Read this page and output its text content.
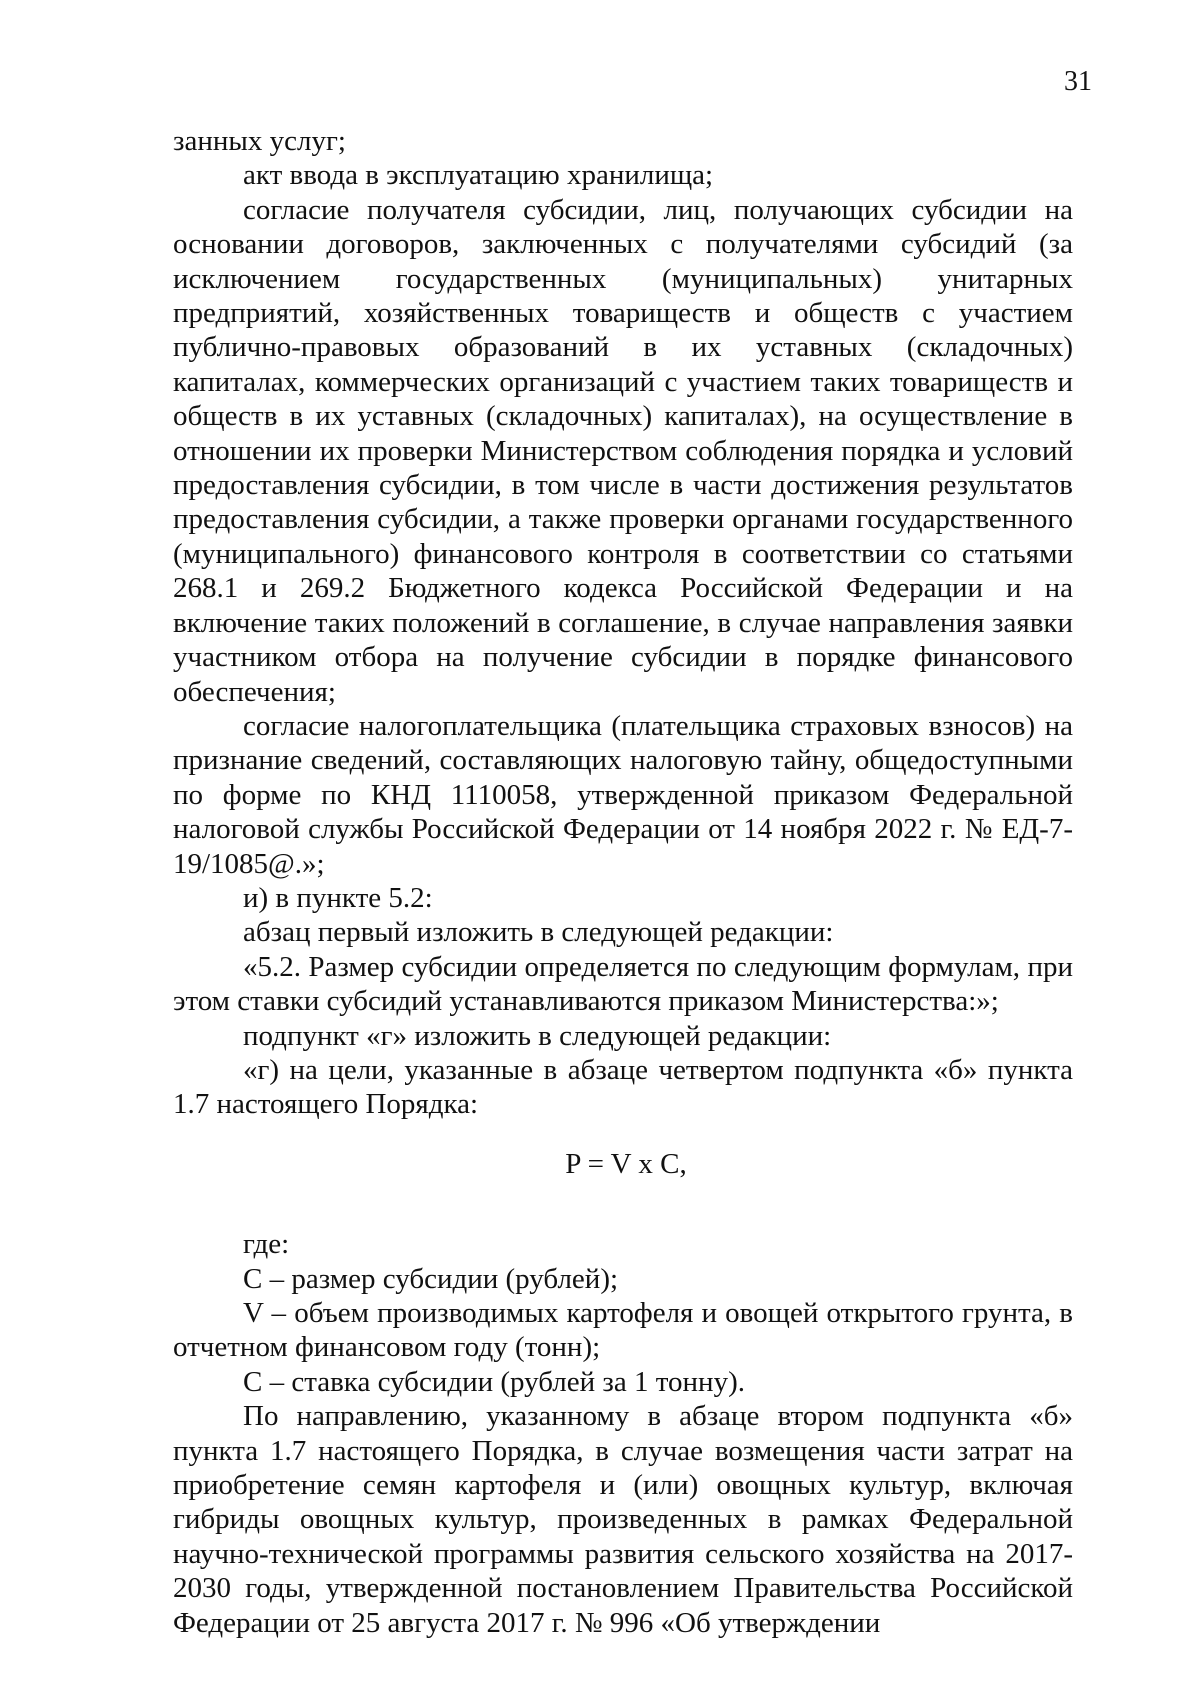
31

занных услуг;

акт ввода в эксплуатацию хранилища;

согласие получателя субсидии, лиц, получающих субсидии на основании договоров, заключенных с получателями субсидий (за исключением государственных (муниципальных) унитарных предприятий, хозяйственных товариществ и обществ с участием публично-правовых образований в их уставных (складочных) капиталах, коммерческих организаций с участием таких товариществ и обществ в их уставных (складочных) капиталах), на осуществление в отношении их проверки Министерством соблюдения порядка и условий предоставления субсидии, в том числе в части достижения результатов предоставления субсидии, а также проверки органами государственного (муниципального) финансового контроля в соответствии со статьями 268.1 и 269.2 Бюджетного кодекса Российской Федерации и на включение таких положений в соглашение, в случае направления заявки участником отбора на получение субсидии в порядке финансового обеспечения;

согласие налогоплательщика (плательщика страховых взносов) на признание сведений, составляющих налоговую тайну, общедоступными по форме по КНД 1110058, утвержденной приказом Федеральной налоговой службы Российской Федерации от 14 ноября 2022 г. № ЕД-7-19/1085@.»;

и) в пункте 5.2:

абзац первый изложить в следующей редакции:

«5.2. Размер субсидии определяется по следующим формулам, при этом ставки субсидий устанавливаются приказом Министерства:»;

подпункт «г» изложить в следующей редакции:

«г) на цели, указанные в абзаце четвертом подпункта «б» пункта 1.7 настоящего Порядка:

P = V x C,

где:

С – размер субсидии (рублей);

V – объем производимых картофеля и овощей открытого грунта, в отчетном финансовом году (тонн);

С – ставка субсидии (рублей за 1 тонну).

По направлению, указанному в абзаце втором подпункта «б» пункта 1.7 настоящего Порядка, в случае возмещения части затрат на приобретение семян картофеля и (или) овощных культур, включая гибриды овощных культур, произведенных в рамках Федеральной научно-технической программы развития сельского хозяйства на 2017-2030 годы, утвержденной постановлением Правительства Российской Федерации от 25 августа 2017 г. № 996 «Об утверждении
